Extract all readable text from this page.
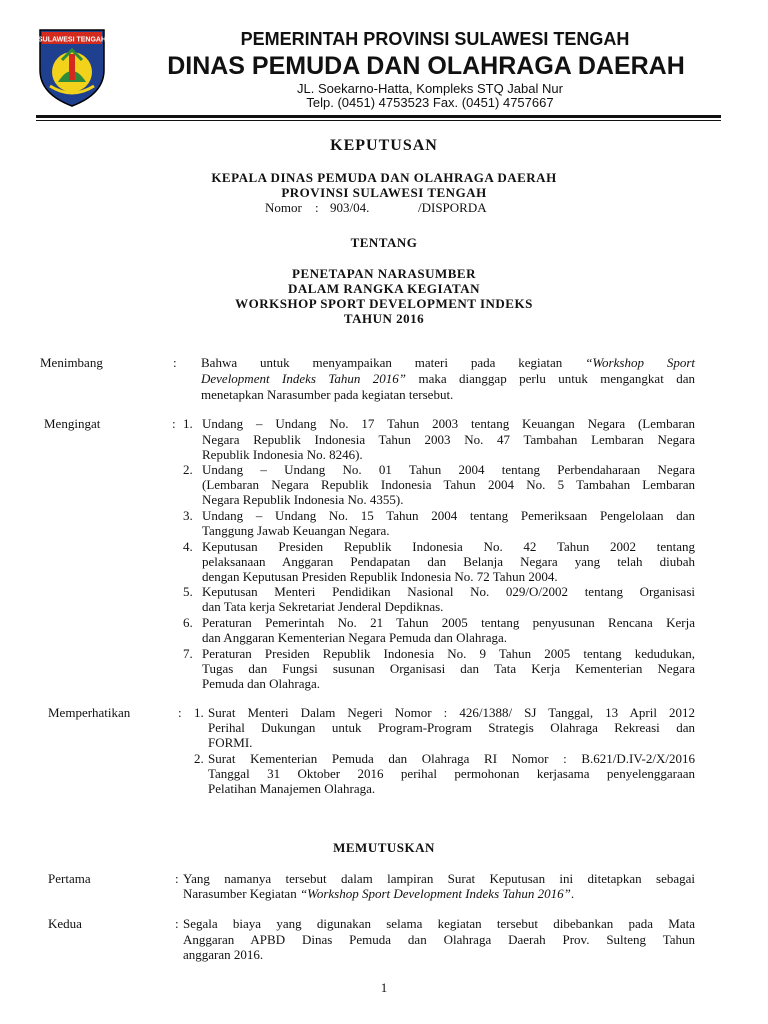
SULAWESI TENGAH	PEMERINTAH PROVINSI SULAWESI TENGAH
DINAS PEMUDA DAN OLAHRAGA DAERAH
JL. Soekarno-Hatta, Kompleks STQ Jabal Nur
Telp. (0451) 4753523 Fax. (0451) 4757667
KEPUTUSAN
KEPALA DINAS PEMUDA DAN OLAHRAGA DAERAH
PROVINSI SULAWESI TENGAH
Nomor : 903/04.	/DISPORDA
TENTANG
PENETAPAN NARASUMBER
DALAM RANGKA KEGIATAN
WORKSHOP SPORT DEVELOPMENT INDEKS
TAHUN 2016
Menimbang	: Bahwa untuk menyampaikan materi pada kegiatan “Workshop Sport
Development Indeks Tahun 2016” maka dianggap perlu untuk mengangkat dan
menetapkan Narasumber pada kegiatan tersebut.
Mengingat	: 1. Undang – Undang No. 17 Tahun 2003 tentang Keuangan Negara (Lembaran
Negara Republik Indonesia Tahun 2003 No. 47 Tambahan Lembaran Negara
Republik Indonesia No. 8246).
2. Undang – Undang No. 01 Tahun 2004 tentang Perbendaharaan Negara
(Lembaran Negara Republik Indonesia Tahun 2004 No. 5 Tambahan Lembaran
Negara Republik Indonesia No. 4355).
3. Undang – Undang No. 15 Tahun 2004 tentang Pemeriksaan Pengelolaan dan
Tanggung Jawab Keuangan Negara.
4. Keputusan Presiden Republik Indonesia No. 42 Tahun 2002 tentang
pelaksanaan Anggaran Pendapatan dan Belanja Negara yang telah diubah
dengan Keputusan Presiden Republik Indonesia No. 72 Tahun 2004.
5. Keputusan Menteri Pendidikan Nasional No. 029/O/2002 tentang Organisasi
dan Tata kerja Sekretariat Jenderal Depdiknas.
6. Peraturan Pemerintah No. 21 Tahun 2005 tentang penyusunan Rencana Kerja
dan Anggaran Kementerian Negara Pemuda dan Olahraga.
7. Peraturan Presiden Republik Indonesia No. 9 Tahun 2005 tentang kedudukan,
Tugas dan Fungsi susunan Organisasi dan Tata Kerja Kementerian Negara
Pemuda dan Olahraga.
Memperhatikan	: 1. Surat Menteri Dalam Negeri Nomor : 426/1388/ SJ Tanggal, 13 April 2012
Perihal Dukungan untuk Program-Program Strategis Olahraga Rekreasi dan
FORMI.
2. Surat Kementerian Pemuda dan Olahraga RI Nomor : B.621/D.IV-2/X/2016
Tanggal 31 Oktober 2016 perihal permohonan kerjasama penyelenggaraan
Pelatihan Manajemen Olahraga.
MEMUTUSKAN
Pertama	: Yang namanya tersebut dalam lampiran Surat Keputusan ini ditetapkan sebagai
Narasumber Kegiatan “Workshop Sport Development Indeks Tahun 2016”.
Kedua	: Segala biaya yang digunakan selama kegiatan tersebut dibebankan pada Mata
Anggaran APBD Dinas Pemuda dan Olahraga Daerah Prov. Sulteng Tahun
anggaran 2016.
1
